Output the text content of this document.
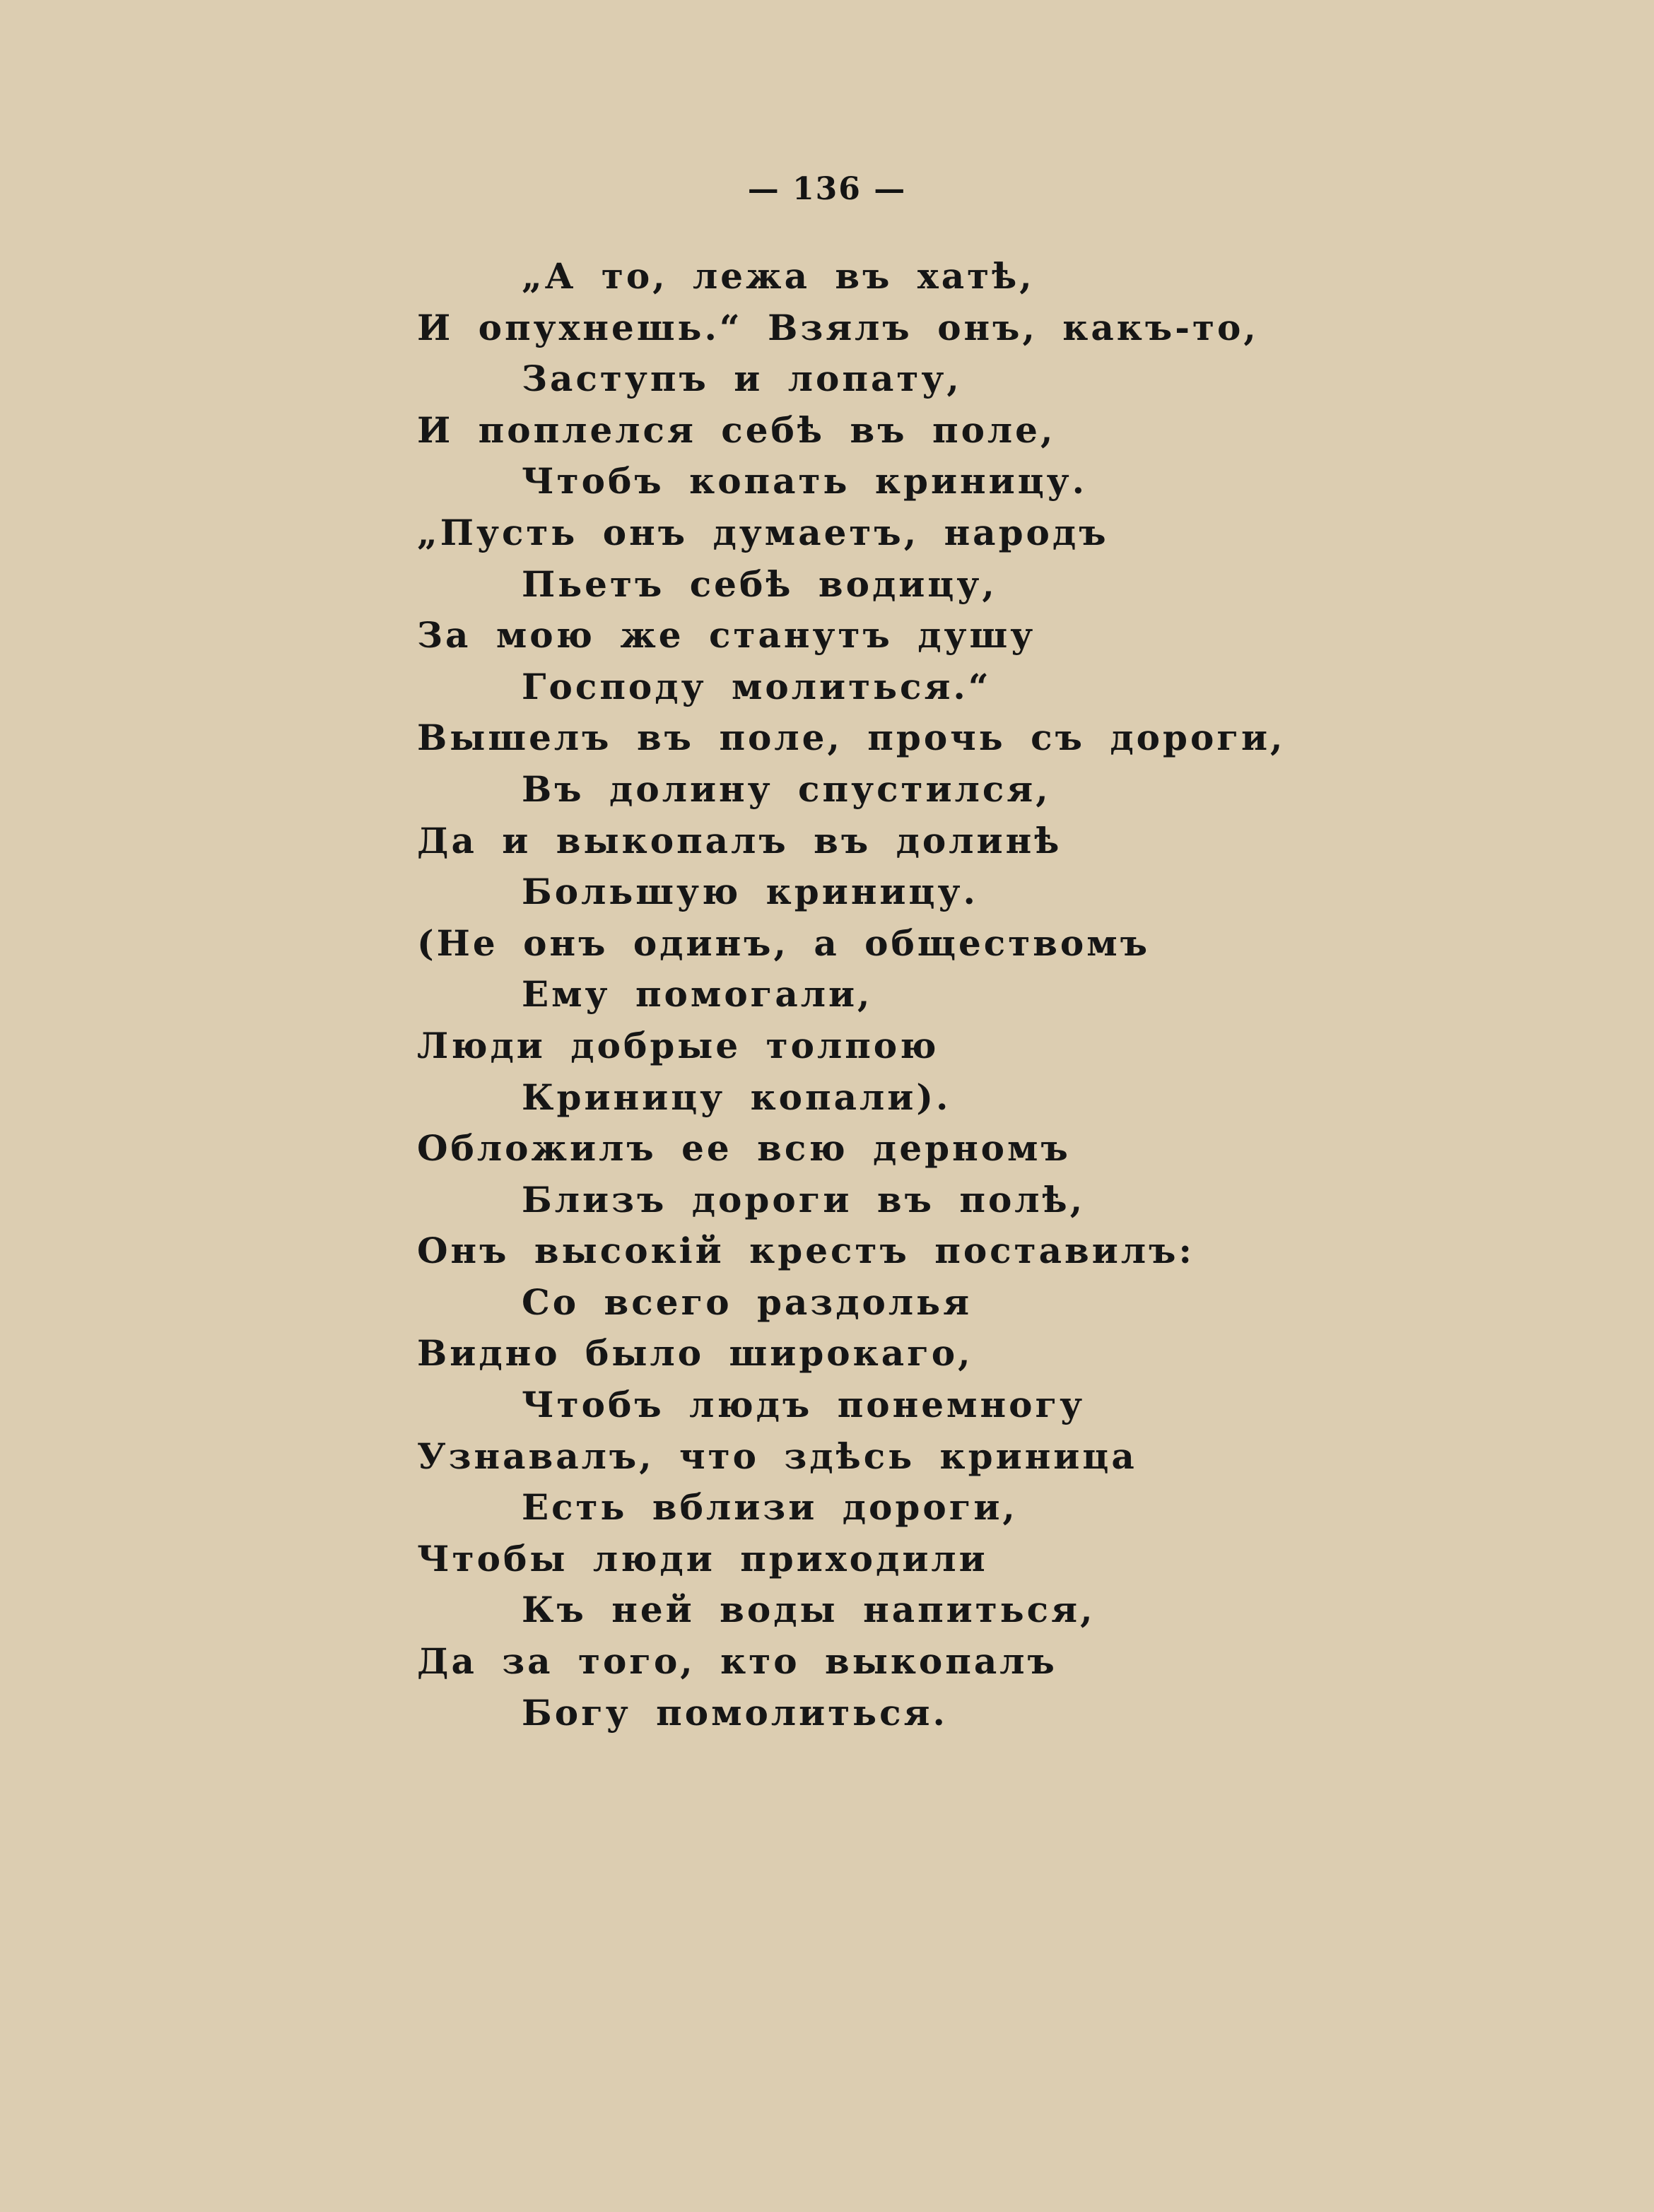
— 136 —
„А то, лежа въ хатѣ,
И опухнешь.“ Взялъ онъ, какъ-то,
Заступъ и лопату,
И поплелся себѣ въ поле,
Чтобъ копать криницу.
„Пусть онъ думаетъ, народъ
Пьетъ себѣ водицу,
За мою же станутъ душу
Господу молиться.“
Вышелъ въ поле, прочь съ дороги,
Въ долину спустился,
Да и выкопалъ въ долинѣ
Большую криницу.
(Не онъ одинъ, а обществомъ
Ему помогали,
Люди добрые толпою
Криницу копали).
Обложилъ ее всю дерномъ
Близъ дороги въ полѣ,
Онъ высокій крестъ поставилъ:
Со всего раздолья
Видно было широкаго,
Чтобъ людъ понемногу
Узнавалъ, что здѣсь криница
Есть вблизи дороги,
Чтобы люди приходили
Къ ней воды напиться,
Да за того, кто выкопалъ
Богу помолиться.
